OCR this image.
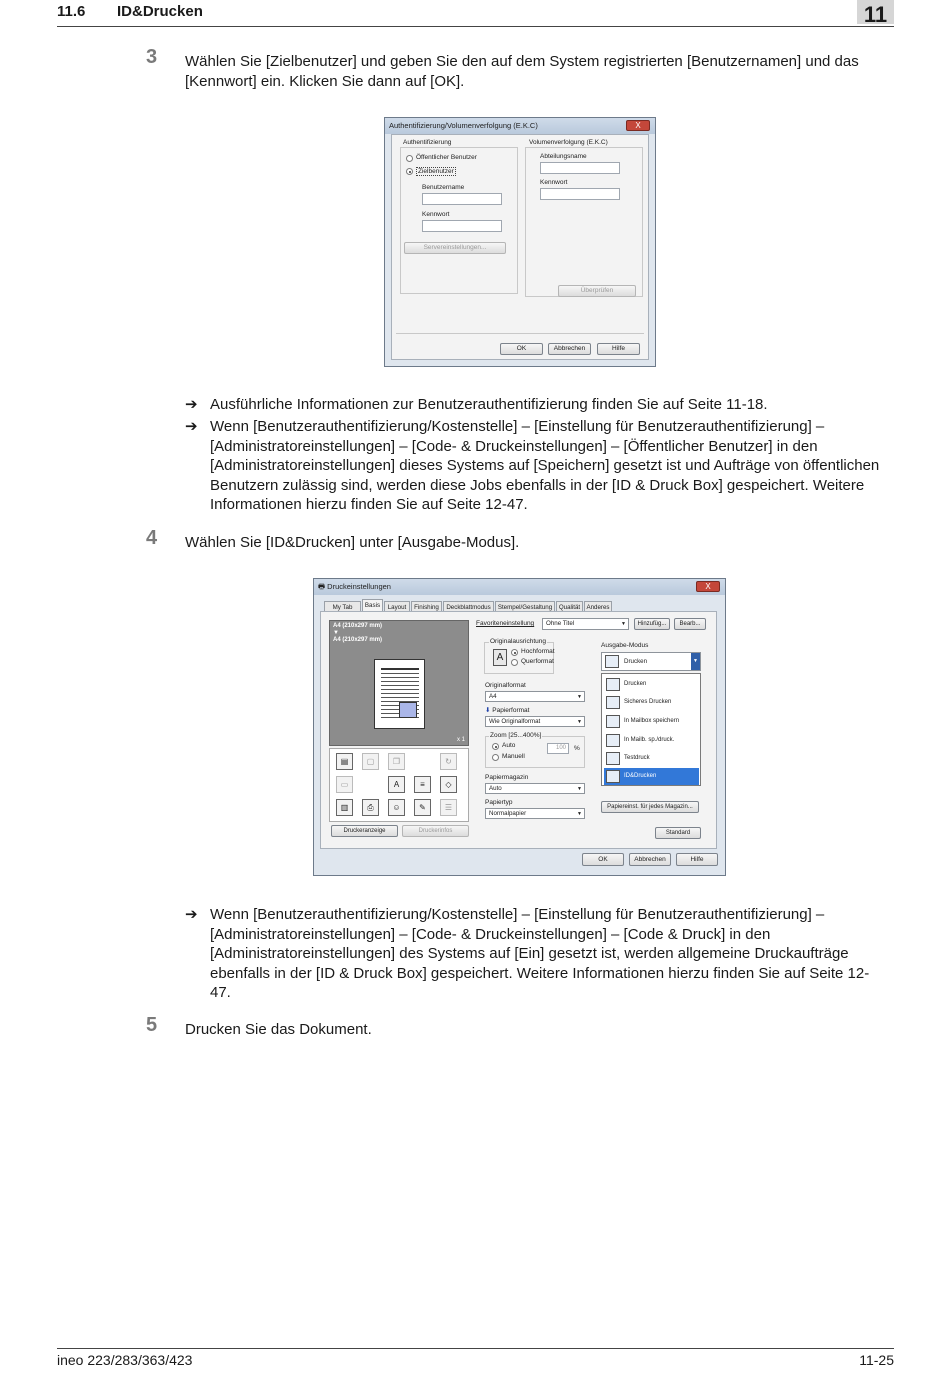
11.6 ID&Drucken	11
3 Wählen Sie [Zielbenutzer] und geben Sie den auf dem System registrierten [Benutzernamen] und das [Kennwort] ein. Klicken Sie dann auf [OK].
Authentifizierung/Volumenverfolgung (E.K.C)	X
Authentifizierung
Öffentlicher Benutzer
Zielbenutzer
Benutzername
Kennwort
Servereinstellungen...
Volumenverfolgung (E.K.C)
Abteilungsname
Kennwort
Überprüfen
OK	Abbrechen	Hilfe
➔ Ausführliche Informationen zur Benutzerauthentifizierung finden Sie auf Seite 11-18.
➔ Wenn [Benutzerauthentifizierung/Kostenstelle] – [Einstellung für Benutzerauthentifizierung] – [Administratoreinstellungen] – [Code- & Druckeinstellungen] – [Öffentlicher Benutzer] in den [Administratoreinstellungen] dieses Systems auf [Speichern] gesetzt ist und Aufträge von öffentlichen Benutzern zulässig sind, werden diese Jobs ebenfalls in der [ID & Druck Box] gespeichert. Weitere Informationen hierzu finden Sie auf Seite 12-47.
4 Wählen Sie [ID&Drucken] unter [Ausgabe-Modus].
🖶 Druckeinstellungen	X
My Tab	Basis	Layout	Finishing	Deckblattmodus	Stempel/Gestaltung	Qualität	Anderes
A4 (210x297 mm)
▼
A4 (210x297 mm)
x 1
▤	▢	❐	↻
▭	A	≡	◇
▥	⎙	☺	✎	☰
Druckeranzeige	Druckerinfos
Favoriteneinstellung	Ohne Titel	▼	Hinzufüg...	Bearb...
Originalausrichtung
A
Hochformat
Querformat
Originalformat
A4	▼
⬇ Papierformat
Wie Originalformat	▼
Zoom [25...400%]
Auto
Manuell
100	%
Papiermagazin
Auto	▼
Papiertyp
Normalpapier	▼
Ausgabe-Modus
Drucken	▼
Drucken
Sicheres Drucken
In Mailbox speichern
In Mailb. sp./druck.
Testdruck
ID&Drucken
Papiereinst. für jedes Magazin...
Standard
OK	Abbrechen	Hilfe
➔ Wenn [Benutzerauthentifizierung/Kostenstelle] – [Einstellung für Benutzerauthentifizierung] – [Administratoreinstellungen] – [Code- & Druckeinstellungen] – [Code & Druck] in den [Administratoreinstellungen] des Systems auf [Ein] gesetzt ist, werden allgemeine Druckaufträge ebenfalls in der [ID & Druck Box] gespeichert. Weitere Informationen hierzu finden Sie auf Seite 12-47.
5 Drucken Sie das Dokument.
ineo 223/283/363/423	11-25
